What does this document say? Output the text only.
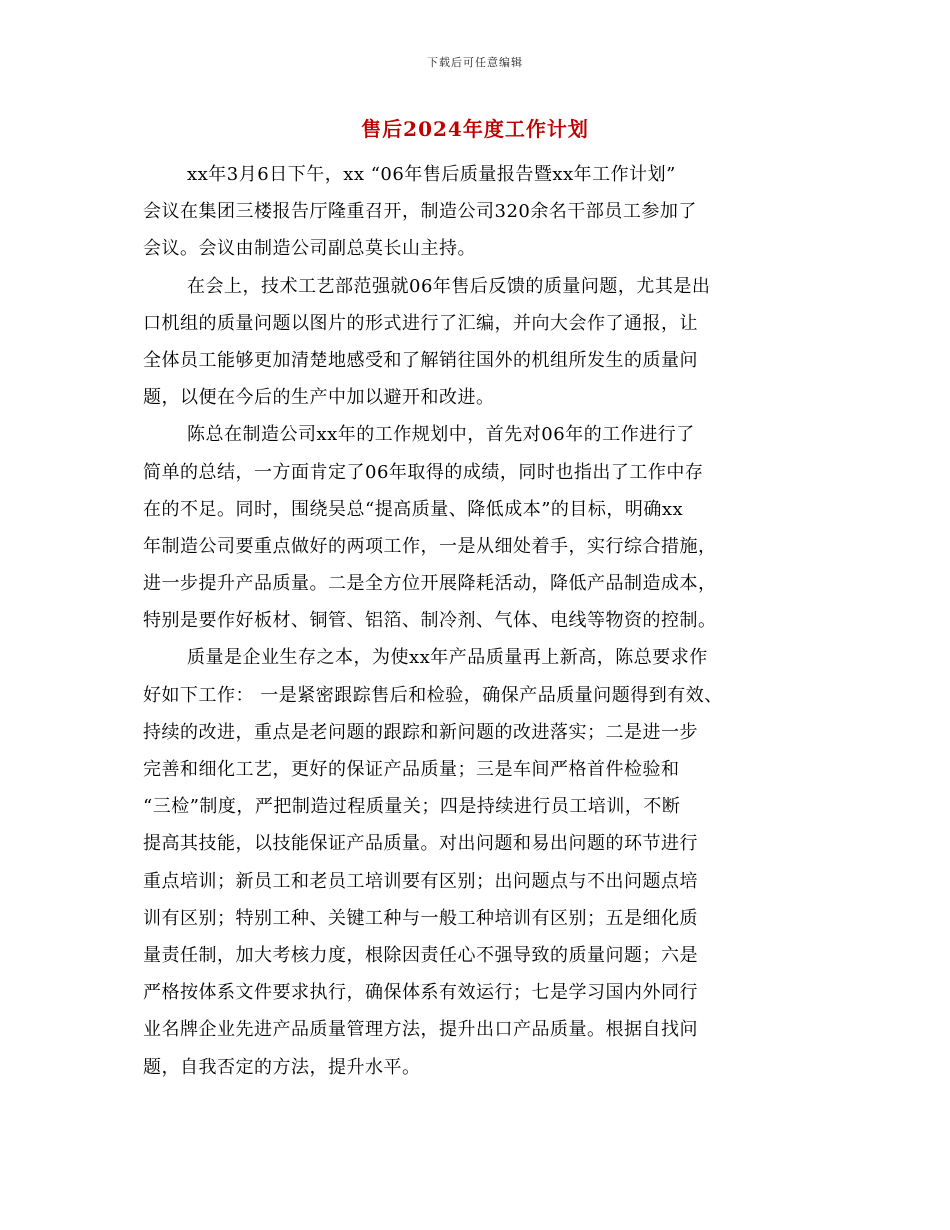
下载后可任意编辑
售后2024年度工作计划
xx年3月6日下午，xx “06年售后质量报告暨xx年工作计划”
会议在集团三楼报告厅隆重召开，制造公司320余名干部员工参加了
会议。会议由制造公司副总莫长山主持。
在会上，技术工艺部范强就06年售后反馈的质量问题，尤其是出
口机组的质量问题以图片的形式进行了汇编，并向大会作了通报，让
全体员工能够更加清楚地感受和了解销往国外的机组所发生的质量问
题，以便在今后的生产中加以避开和改进。
陈总在制造公司xx年的工作规划中，首先对06年的工作进行了
简单的总结，一方面肯定了06年取得的成绩，同时也指出了工作中存
在的不足。同时，围绕吴总“提高质量、降低成本”的目标，明确xx
年制造公司要重点做好的两项工作，一是从细处着手，实行综合措施，
进一步提升产品质量。二是全方位开展降耗活动，降低产品制造成本，
特别是要作好板材、铜管、铝箔、制冷剂、气体、电线等物资的控制。
质量是企业生存之本，为使xx年产品质量再上新高，陈总要求作
好如下工作： 一是紧密跟踪售后和检验，确保产品质量问题得到有效、
持续的改进，重点是老问题的跟踪和新问题的改进落实；二是进一步
完善和细化工艺，更好的保证产品质量；三是车间严格首件检验和
“三检”制度，严把制造过程质量关；四是持续进行员工培训，不断
提高其技能，以技能保证产品质量。对出问题和易出问题的环节进行
重点培训；新员工和老员工培训要有区别；出问题点与不出问题点培
训有区别；特别工种、关键工种与一般工种培训有区别；五是细化质
量责任制，加大考核力度，根除因责任心不强导致的质量问题；六是
严格按体系文件要求执行，确保体系有效运行；七是学习国内外同行
业名牌企业先进产品质量管理方法，提升出口产品质量。根据自找问
题，自我否定的方法，提升水平。
